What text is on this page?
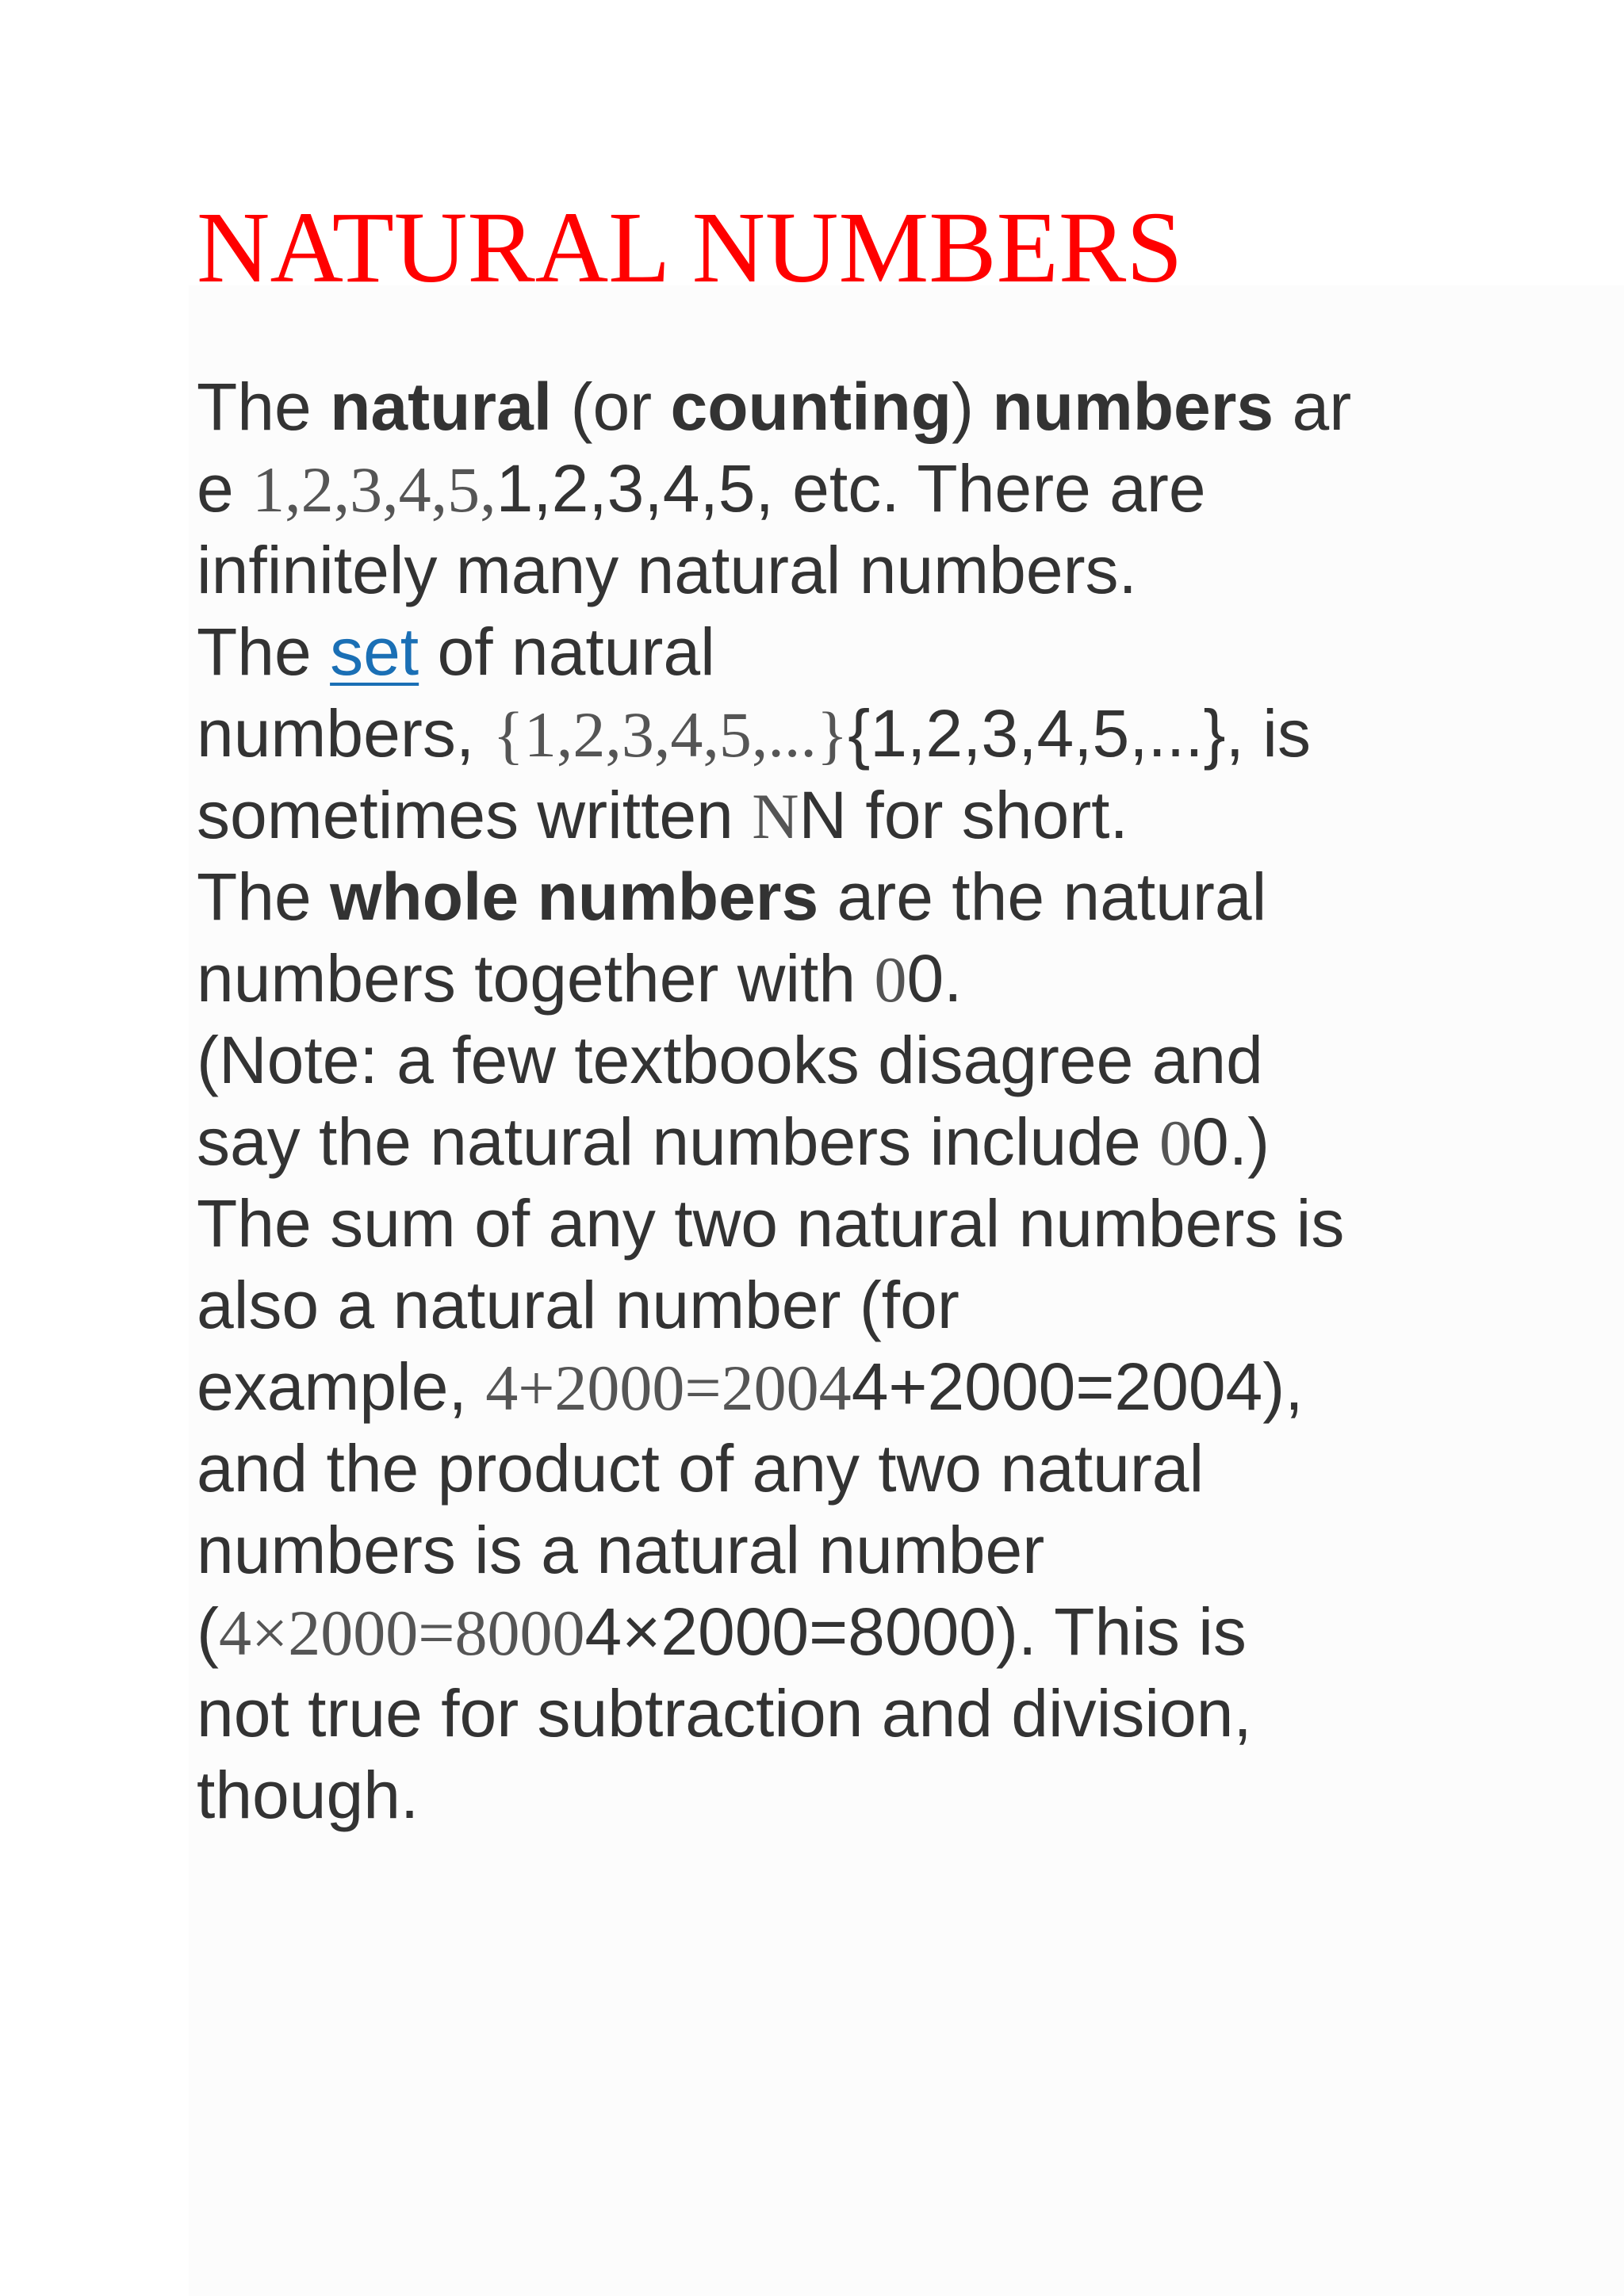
NATURAL NUMBERS
The natural (or counting) numbers ar
e 1,2,3,4,5,1,2,3,4,5, etc. There are
infinitely many natural numbers.
The set of natural
numbers, {1,2,3,4,5,...}{1,2,3,4,5,...}, is
sometimes written NN for short.
The whole numbers are the natural
numbers together with 00.
(Note: a few textbooks disagree and
say the natural numbers include 00.)
The sum of any two natural numbers is
also a natural number (for
example, 4+2000=20044+2000=2004),
and the product of any two natural
numbers is a natural number
(4×2000=80004×2000=8000). This is
not true for subtraction and division,
though.
